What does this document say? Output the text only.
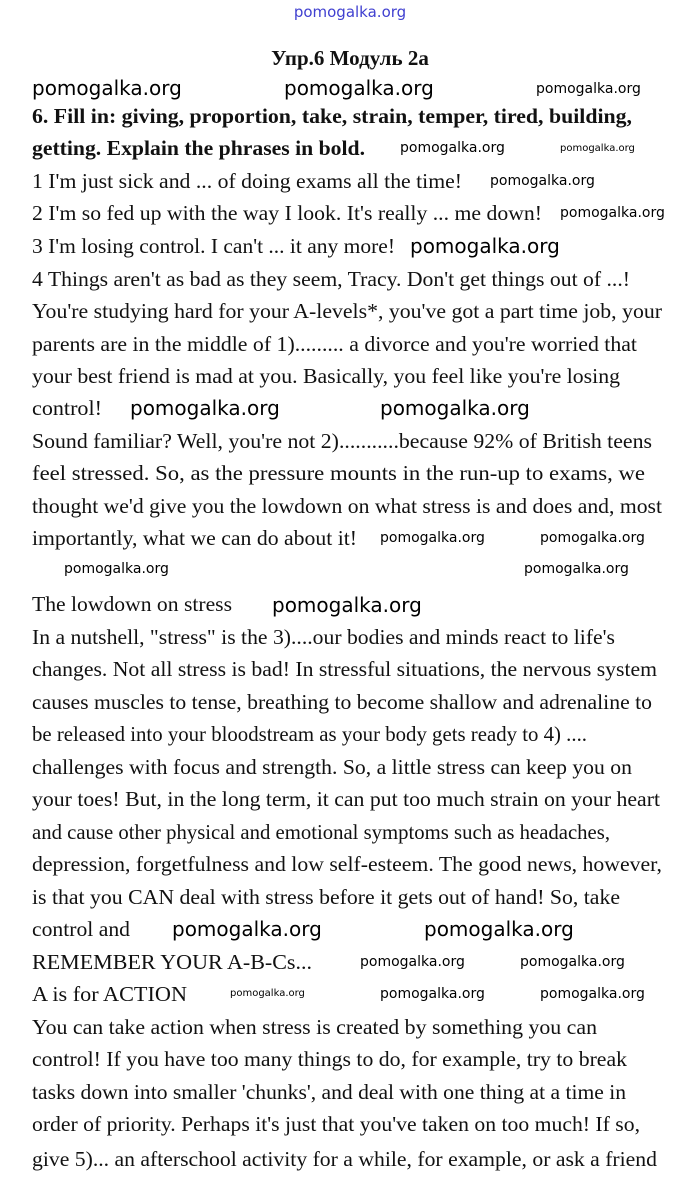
pomogalka.org
Упр.6 Модуль 2а
6. Fill in: giving, proportion, take, strain, temper, tired, building,
getting. Explain the phrases in bold.
1 I'm just sick and ... of doing exams all the time!
2 I'm so fed up with the way I look. It's really ... me down!
3 I'm losing control. I can't ... it any more!
4 Things aren't as bad as they seem, Tracy. Don't get things out of ...!
You're studying hard for your A-levels*, you've got a part time job, your
parents are in the middle of 1)......... a divorce and you're worried that
your best friend is mad at you. Basically, you feel like you're losing
control!
Sound familiar? Well, you're not 2)...........because 92% of British teens
feel stressed. So, as the pressure mounts in the run-up to exams, we
thought we'd give you the lowdown on what stress is and does and, most
importantly, what we can do about it!
The lowdown on stress
In a nutshell, "stress" is the 3)....our bodies and minds react to life's
changes. Not all stress is bad! In stressful situations, the nervous system
causes muscles to tense, breathing to become shallow and adrenaline to
be released into your bloodstream as your body gets ready to 4) ....
challenges with focus and strength. So, a little stress can keep you on
your toes! But, in the long term, it can put too much strain on your heart
and cause other physical and emotional symptoms such as headaches,
depression, forgetfulness and low self-esteem. The good news, however,
is that you CAN deal with stress before it gets out of hand! So, take
control and
REMEMBER YOUR A-B-Cs...
A is for ACTION
You can take action when stress is created by something you can
control! If you have too many things to do, for example, try to break
tasks down into smaller 'chunks', and deal with one thing at a time in
order of priority. Perhaps it's just that you've taken on too much! If so,
give 5)... an afterschool activity for a while, for example, or ask a friend
pomogalka.org	pomogalka.org	pomogalka.org
pomogalka.org
pomogalka.org
pomogalka.org	pomogalka.org
pomogalka.org
pomogalka.org
pomogalka.org
pomogalka.org
pomogalka.org
pomogalka.org
pomogalka.org
pomogalka.org	pomogalka.org
pomogalka.org	pomogalka.org
pomogalka.org
pomogalka.org
pomogalka.org
pomogalka.org
